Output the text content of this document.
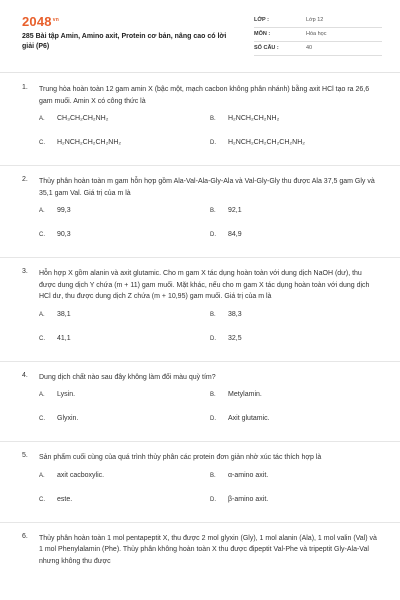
$2048^{vn}$
285 Bài tập Amin, Amino axit, Protein cơ bản, nâng cao có lời giải (P6)
LỚP :	Lớp 12
MÔN :	Hóa học
SỐ CÂU :	40
1. Trung hòa hoàn toàn 12 gam amin X (bậc một, mạch cacbon không phân nhánh) bằng axit HCl tạo ra 26,6 gam muối. Amin X có công thức là
A. CH₃CH₂CH₂NH₂	B. H₂NCH₂CH₂NH₂
C. H₂NCH₂CH₂CH₂NH₂	D. H₂NCH₂CH₂CH₂CH₂NH₂
2. Thủy phân hoàn toàn m gam hỗn hợp gồm Ala-Val-Ala-Gly-Ala và Val-Gly-Gly thu được Ala 37,5 gam Gly và 35,1 gam Val. Giá trị của m là
A. 99,3	B. 92,1
C. 90,3	D. 84,9
3. Hỗn hợp X gồm alanin và axit glutamic. Cho m gam X tác dụng hoàn toàn với dung dịch NaOH (dư), thu được dung dịch Y chứa (m + 11) gam muối. Mặt khác, nếu cho m gam X tác dụng hoàn toàn với dung dịch HCl dư, thu được dung dịch Z chứa (m + 10,95) gam muối. Giá trị của m là
A. 38,1	B. 38,3
C. 41,1	D. 32,5
4. Dung dịch chất nào sau đây không làm đổi màu quỳ tím?
A. Lysin.	B. Metylamin.
C. Glyxin.	D. Axit glutamic.
5. Sản phẩm cuối cùng của quá trình thủy phân các protein đơn giản nhờ xúc tác thích hợp là
A. axit cacboxylic.	B. α-amino axit.
C. este.	D. β-amino axit.
6. Thủy phân hoàn toàn 1 mol pentapeptit X, thu được 2 mol glyxin (Gly), 1 mol alanin (Ala), 1 mol valin (Val) và 1 mol Phenylalamin (Phe). Thủy phân không hoàn toàn X thu được đipeptit Val-Phe và tripeptit Gly-Ala-Val nhưng không thu được
